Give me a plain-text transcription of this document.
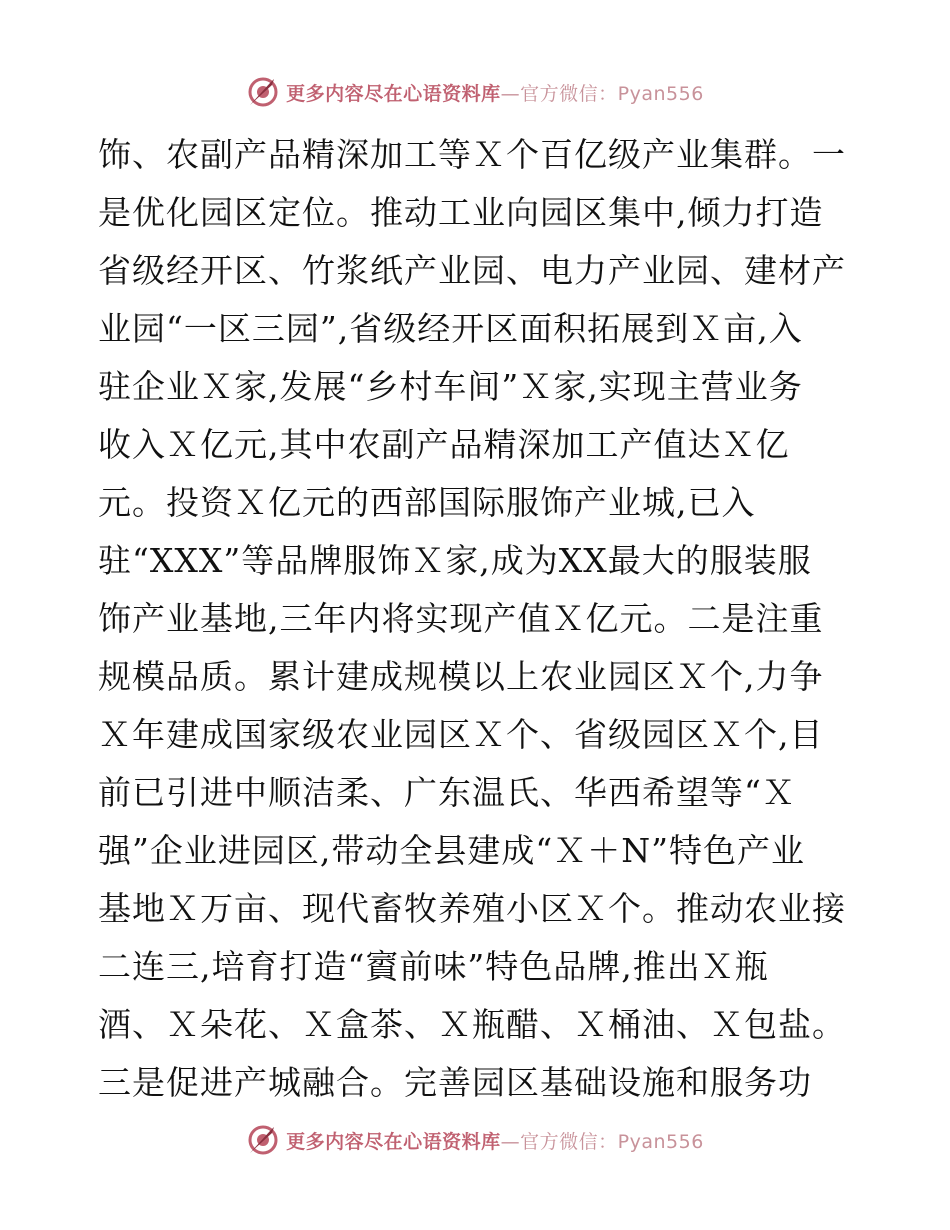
更多内容尽在心语资料库—官方微信：Pyan556
饰、农副产品精深加工等Ｘ个百亿级产业集群。一
是优化园区定位。推动工业向园区集中,倾力打造
省级经开区、竹浆纸产业园、电力产业园、建材产
业园“一区三园”,省级经开区面积拓展到Ｘ亩,入
驻企业Ｘ家,发展“乡村车间”Ｘ家,实现主营业务
收入Ｘ亿元,其中农副产品精深加工产值达Ｘ亿
元。投资Ｘ亿元的西部国际服饰产业城,已入
驻“XXX”等品牌服饰Ｘ家,成为XX最大的服装服
饰产业基地,三年内将实现产值Ｘ亿元。二是注重
规模品质。累计建成规模以上农业园区Ｘ个,力争
Ｘ年建成国家级农业园区Ｘ个、省级园区Ｘ个,目
前已引进中顺洁柔、广东温氏、华西希望等“Ｘ
强”企业进园区,带动全县建成“Ｘ＋N”特色产业
基地Ｘ万亩、现代畜牧养殖小区Ｘ个。推动农业接
二连三,培育打造“賨前味”特色品牌,推出Ｘ瓶
酒、Ｘ朵花、Ｘ盒茶、Ｘ瓶醋、Ｘ桶油、Ｘ包盐。
三是促进产城融合。完善园区基础设施和服务功
更多内容尽在心语资料库—官方微信：Pyan556
